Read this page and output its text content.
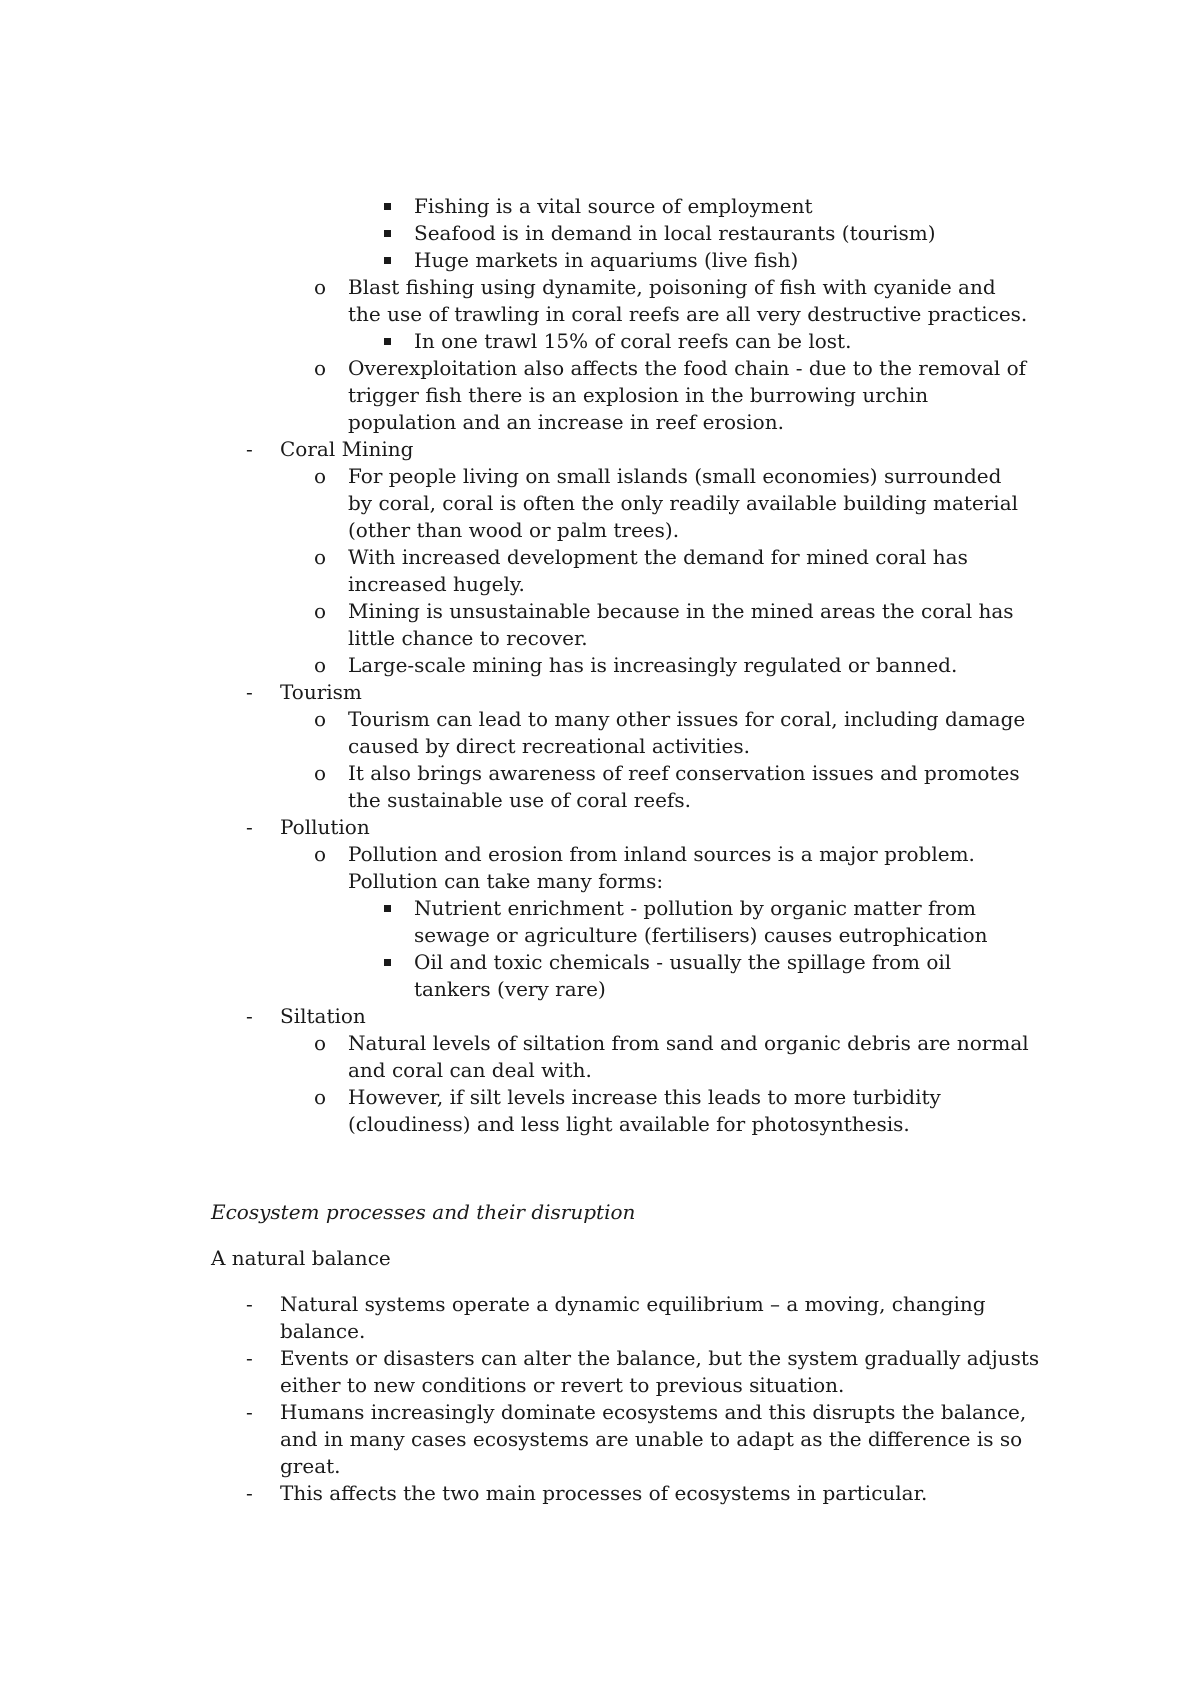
Fishing is a vital source of employment
Seafood is in demand in local restaurants (tourism)
Huge markets in aquariums (live fish)
o Blast fishing using dynamite, poisoning of fish with cyanide and
the use of trawling in coral reefs are all very destructive practices.
In one trawl 15% of coral reefs can be lost.
o Overexploitation also affects the food chain - due to the removal of
trigger fish there is an explosion in the burrowing urchin
population and an increase in reef erosion.
- Coral Mining
o For people living on small islands (small economies) surrounded
by coral, coral is often the only readily available building material
(other than wood or palm trees).
o With increased development the demand for mined coral has
increased hugely.
o Mining is unsustainable because in the mined areas the coral has
little chance to recover.
o Large-scale mining has is increasingly regulated or banned.
- Tourism
o Tourism can lead to many other issues for coral, including damage
caused by direct recreational activities.
o It also brings awareness of reef conservation issues and promotes
the sustainable use of coral reefs.
- Pollution
o Pollution and erosion from inland sources is a major problem.
Pollution can take many forms:
Nutrient enrichment - pollution by organic matter from
sewage or agriculture (fertilisers) causes eutrophication
Oil and toxic chemicals - usually the spillage from oil
tankers (very rare)
- Siltation
o Natural levels of siltation from sand and organic debris are normal
and coral can deal with.
o However, if silt levels increase this leads to more turbidity
(cloudiness) and less light available for photosynthesis.
Ecosystem processes and their disruption
A natural balance
- Natural systems operate a dynamic equilibrium – a moving, changing
balance.
- Events or disasters can alter the balance, but the system gradually adjusts
either to new conditions or revert to previous situation.
- Humans increasingly dominate ecosystems and this disrupts the balance,
and in many cases ecosystems are unable to adapt as the difference is so
great.
- This affects the two main processes of ecosystems in particular.
